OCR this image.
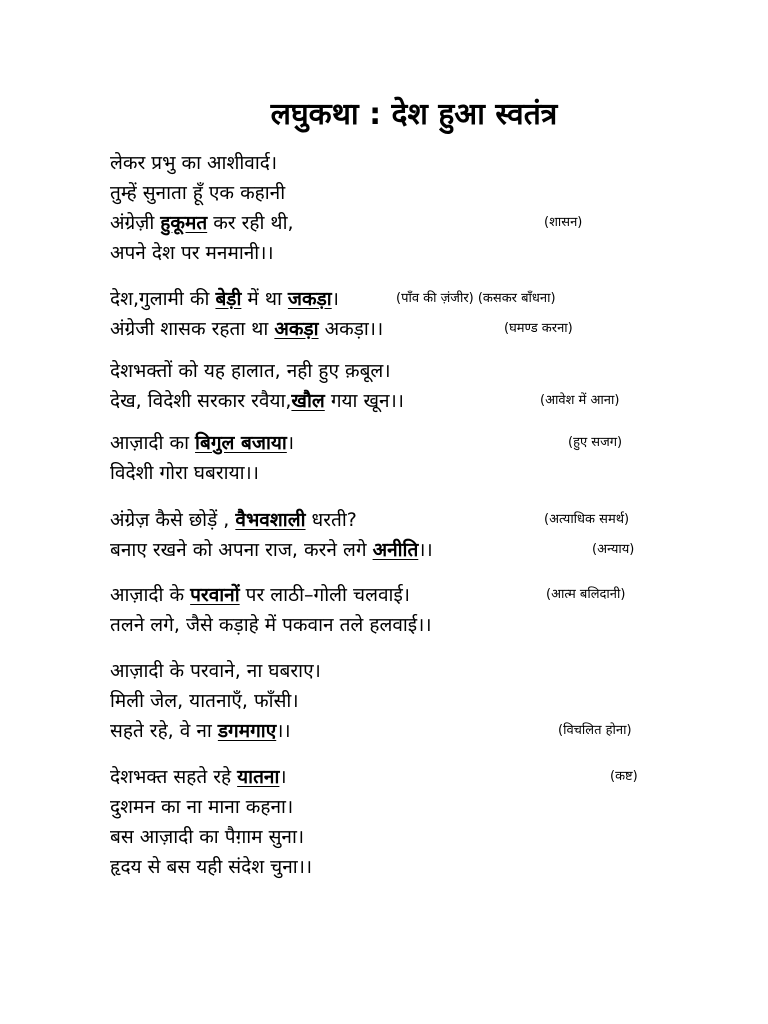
लघुकथा : देश हुआ स्वतंत्र
लेकर प्रभु का आशीवार्द।
तुम्हें सुनाता हूँ एक कहानी
अंग्रेज़ी हुकूमत कर रही थी,	(शासन)
अपने देश पर मनमानी।।
देश,गुलामी की बेड़ी में था जकड़ा।	(पाँव की ज़ंजीर) (कसकर बाँधना)
अंग्रेजी शासक रहता था अकड़ा अकड़ा।।	(घमण्ड करना)
देशभक्तों को यह हालात, नही हुए क़बूल।
देख, विदेशी सरकार रवैया,खौल गया खून।।	(आवेश में आना)
आज़ादी का बिगुल बजाया।	(हुए सजग)
विदेशी गोरा घबराया।।
अंग्रेज़ कैसे छोड़ें , वैभवशाली धरती?	(अत्याधिक समर्थ)
बनाए रखने को अपना राज, करने लगे अनीति।।	(अन्याय)
आज़ादी के परवानों पर लाठी–गोली चलवाई।	(आत्म बलिदानी)
तलने लगे, जैसे कड़ाहे में पकवान तले हलवाई।।
आज़ादी के परवाने, ना घबराए।
मिली जेल, यातनाएँ, फाँसी।
सहते रहे, वे ना डगमगाए।।	(विचलित होना)
देशभक्त सहते रहे यातना।	(कष्ट)
दुशमन का ना माना कहना।
बस आज़ादी का पैग़ाम सुना।
हृदय से बस यही संदेश चुना।।
